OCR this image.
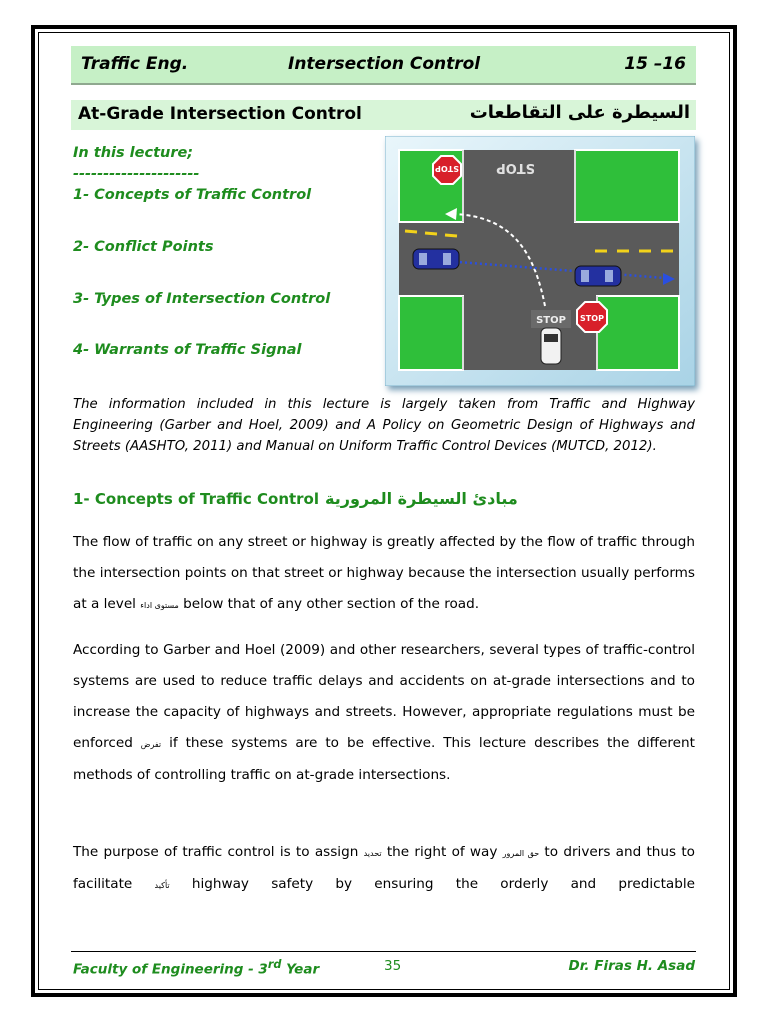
Traffic Eng.	Intersection Control	15 –16
At-Grade Intersection Control	السيطرة على التقاطعات
In this lecture;
---------------------
1- Concepts of Traffic Control
2- Conflict Points
3- Types of Intersection Control
4- Warrants of Traffic Signal
STOP
STOP
STOP STOP
The information included in this lecture is largely taken from Traffic and Highway Engineering (Garber and Hoel, 2009) and A Policy on Geometric Design of Highways and Streets (AASHTO, 2011) and Manual on Uniform Traffic Control Devices (MUTCD, 2012).
1- Concepts of Traffic Control مبادئ السيطرة المرورية
The flow of traffic on any street or highway is greatly affected by the flow of traffic through the intersection points on that street or highway because the intersection usually performs at a level مستوى اداء below that of any other section of the road.
According to Garber and Hoel (2009) and other researchers, several types of traffic-control systems are used to reduce traffic delays and accidents on at-grade intersections and to increase the capacity of highways and streets. However, appropriate regulations must be enforced تفرض if these systems are to be effective. This lecture describes the different methods of controlling traffic on at-grade intersections.
The purpose of traffic control is to assign تحديد the right of way حق المرور to drivers and thus to facilitate تأكيد highway safety by ensuring the orderly and predictable
Faculty of Engineering - 3rd Year	35	Dr. Firas H. Asad
